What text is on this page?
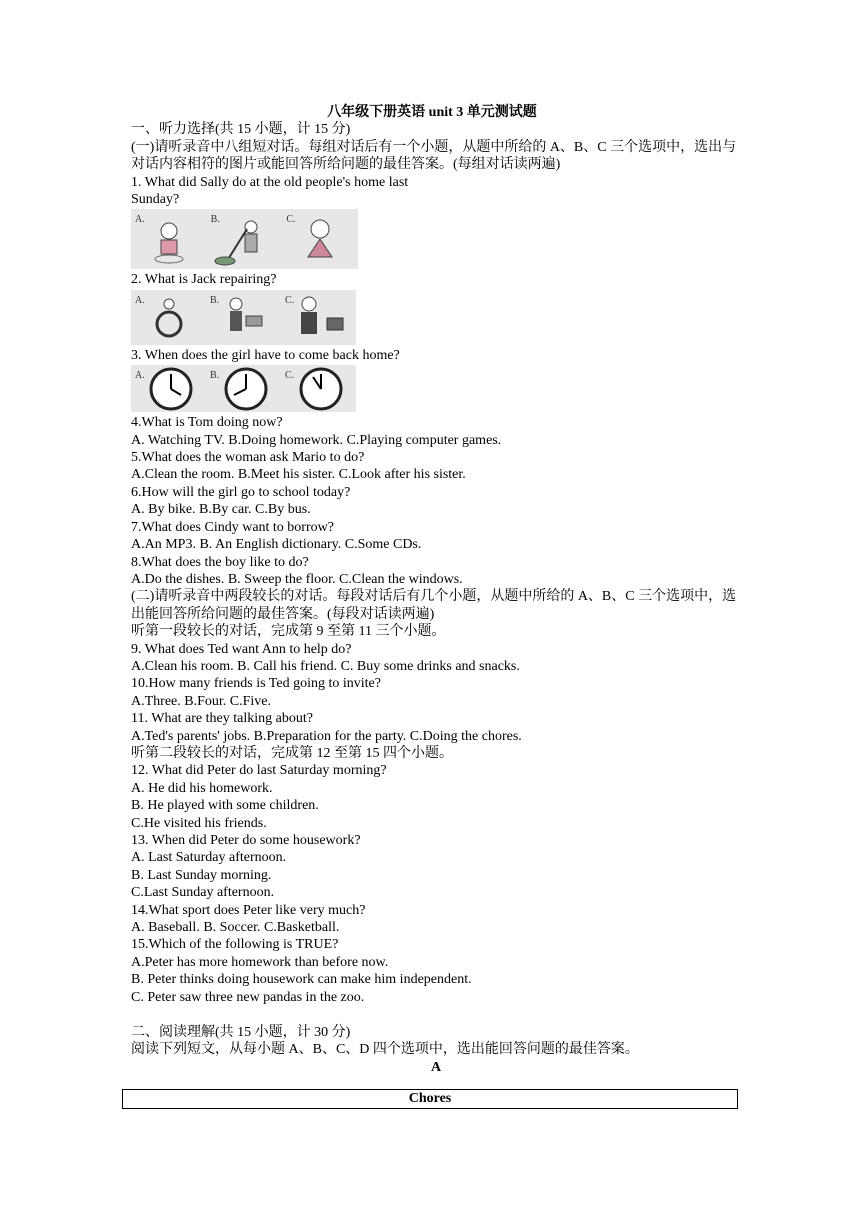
八年级下册英语 unit 3 单元测试题
一、听力选择(共 15 小题，计 15 分)
(一)请听录音中八组短对话。每组对话后有一个小题，从题中所给的 A、B、C 三个选项中，选出与对话内容相符的图片或能回答所给问题的最佳答案。(每组对话读两遍)
1. What did Sally do at the old people's home last
Sunday?
A.	B.	C.
2. What is Jack repairing?
A.	B.	C.
3. When does the girl have to come back home?
A.	B.	C.
4.What is Tom doing now?
A. Watching TV. B.Doing homework. C.Playing computer games.
5.What does the woman ask Mario to do?
A.Clean the room. B.Meet his sister. C.Look after his sister.
6.How will the girl go to school today?
A. By bike. B.By car. C.By bus.
7.What does Cindy want to borrow?
A.An MP3. B. An English dictionary. C.Some CDs.
8.What does the boy like to do?
A.Do the dishes. B. Sweep the floor. C.Clean the windows.
(二)请听录音中两段较长的对话。每段对话后有几个小题，从题中所给的 A、B、C 三个选项中，选出能回答所给问题的最佳答案。(每段对话读两遍)
听第一段较长的对话，完成第 9 至第 11 三个小题。
9. What does Ted want Ann to help do?
A.Clean his room. B. Call his friend. C. Buy some drinks and snacks.
10.How many friends is Ted going to invite?
A.Three. B.Four. C.Five.
11. What are they talking about?
A.Ted's parents' jobs. B.Preparation for the party. C.Doing the chores.
听第二段较长的对话，完成第 12 至第 15 四个小题。
12. What did Peter do last Saturday morning?
A. He did his homework.
B. He played with some children.
C.He visited his friends.
13. When did Peter do some housework?
A. Last Saturday afternoon.
B. Last Sunday morning.
C.Last Sunday afternoon.
14.What sport does Peter like very much?
A. Baseball. B. Soccer. C.Basketball.
15.Which of the following is TRUE?
A.Peter has more homework than before now.
B. Peter thinks doing housework can make him independent.
C. Peter saw three new pandas in the zoo.
二、阅读理解(共 15 小题，计 30 分)
阅读下列短文，从每小题 A、B、C、D 四个选项中，选出能回答问题的最佳答案。
A
Chores
